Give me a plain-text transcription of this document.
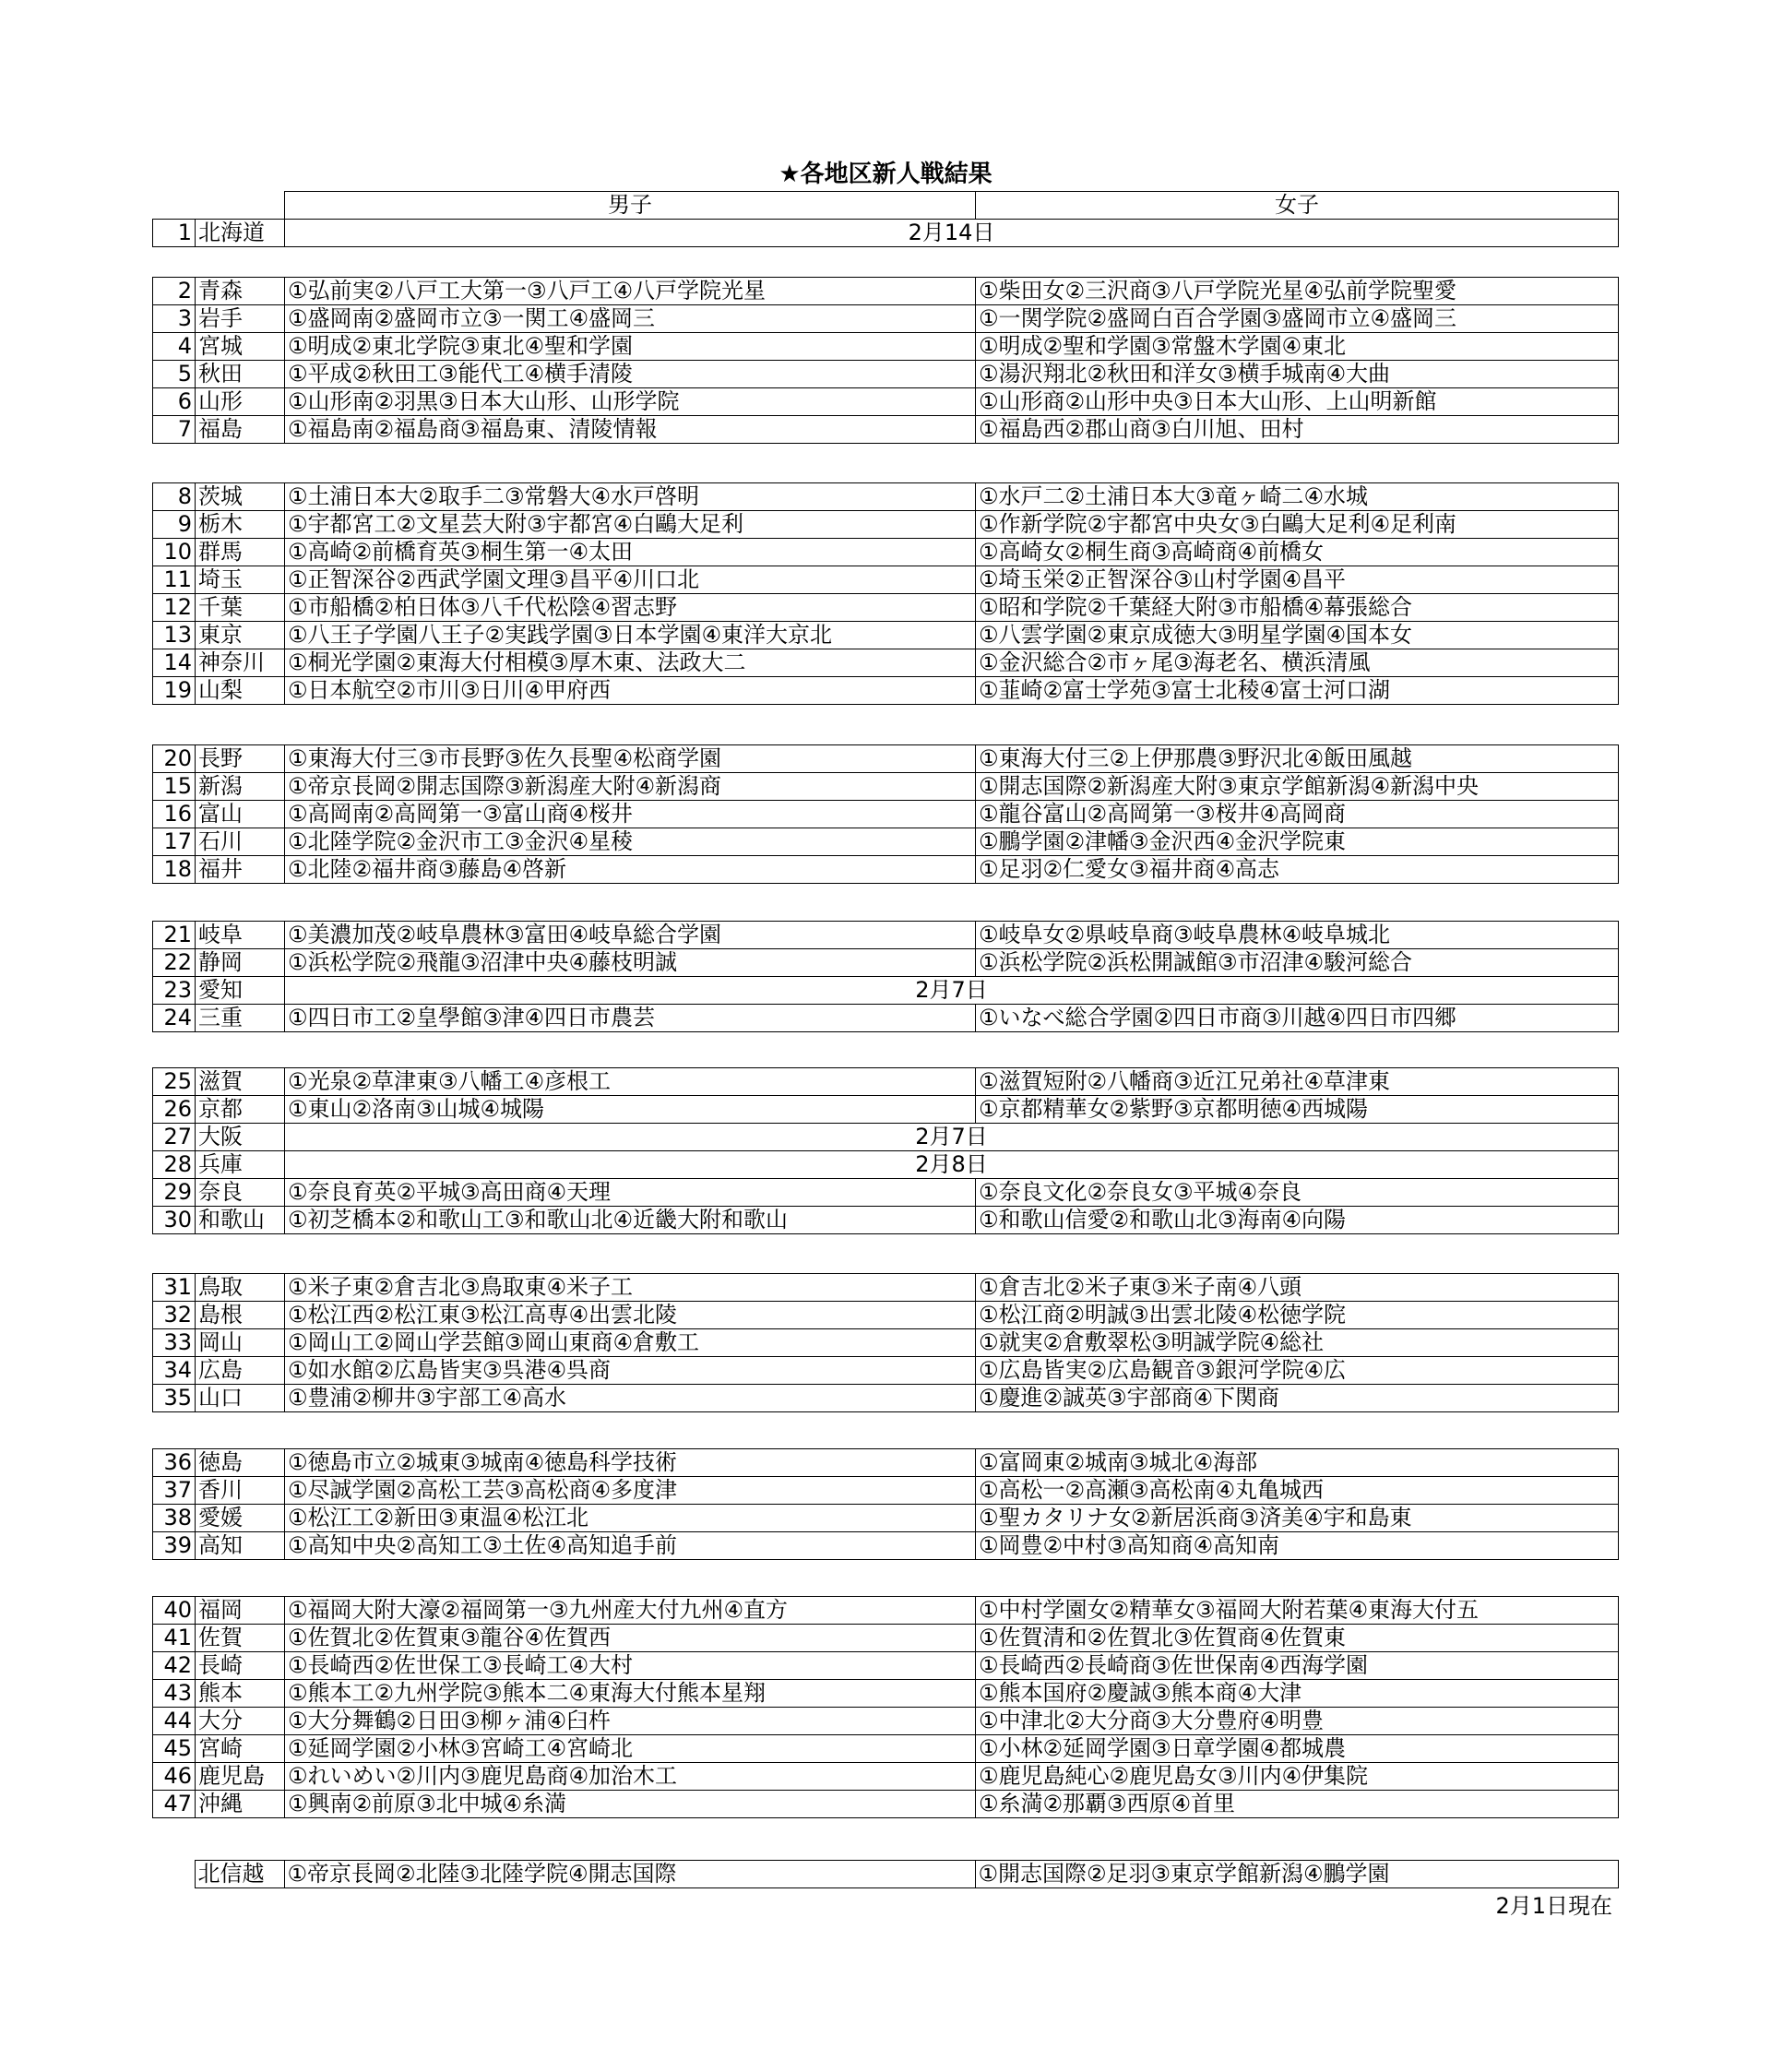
★各地区新人戦結果
		男子	女子
1	北海道	2月14日	
2	青森	①弘前実②八戸工大第一③八戸工④八戸学院光星	①柴田女②三沢商③八戸学院光星④弘前学院聖愛
3	岩手	①盛岡南②盛岡市立③一関工④盛岡三	①一関学院②盛岡白百合学園③盛岡市立④盛岡三
4	宮城	①明成②東北学院③東北④聖和学園	①明成②聖和学園③常盤木学園④東北
5	秋田	①平成②秋田工③能代工④横手清陵	①湯沢翔北②秋田和洋女③横手城南④大曲
6	山形	①山形南②羽黒③日本大山形、山形学院	①山形商②山形中央③日本大山形、上山明新館
7	福島	①福島南②福島商③福島東、清陵情報	①福島西②郡山商③白川旭、田村
8	茨城	①土浦日本大②取手二③常磐大④水戸啓明	①水戸二②土浦日本大③竜ヶ崎二④水城
9	栃木	①宇都宮工②文星芸大附③宇都宮④白鷗大足利	①作新学院②宇都宮中央女③白鷗大足利④足利南
10	群馬	①高崎②前橋育英③桐生第一④太田	①高崎女②桐生商③高崎商④前橋女
11	埼玉	①正智深谷②西武学園文理③昌平④川口北	①埼玉栄②正智深谷③山村学園④昌平
12	千葉	①市船橋②柏日体③八千代松陰④習志野	①昭和学院②千葉経大附③市船橋④幕張総合
13	東京	①八王子学園八王子②実践学園③日本学園④東洋大京北	①八雲学園②東京成徳大③明星学園④国本女
14	神奈川	①桐光学園②東海大付相模③厚木東、法政大二	①金沢総合②市ヶ尾③海老名、横浜清風
19	山梨	①日本航空②市川③日川④甲府西	①韮崎②富士学苑③富士北稜④富士河口湖
20	長野	①東海大付三③市長野③佐久長聖④松商学園	①東海大付三②上伊那農③野沢北④飯田風越
15	新潟	①帝京長岡②開志国際③新潟産大附④新潟商	①開志国際②新潟産大附③東京学館新潟④新潟中央
16	富山	①高岡南②高岡第一③富山商④桜井	①龍谷富山②高岡第一③桜井④高岡商
17	石川	①北陸学院②金沢市工③金沢④星稜	①鵬学園②津幡③金沢西④金沢学院東
18	福井	①北陸②福井商③藤島④啓新	①足羽②仁愛女③福井商④高志
21	岐阜	①美濃加茂②岐阜農林③富田④岐阜総合学園	①岐阜女②県岐阜商③岐阜農林④岐阜城北
22	静岡	①浜松学院②飛龍③沼津中央④藤枝明誠	①浜松学院②浜松開誠館③市沼津④駿河総合
23	愛知	2月7日	
24	三重	①四日市工②皇學館③津④四日市農芸	①いなべ総合学園②四日市商③川越④四日市四郷
25	滋賀	①光泉②草津東③八幡工④彦根工	①滋賀短附②八幡商③近江兄弟社④草津東
26	京都	①東山②洛南③山城④城陽	①京都精華女②紫野③京都明徳④西城陽
27	大阪	2月7日	
28	兵庫	2月8日	
29	奈良	①奈良育英②平城③高田商④天理	①奈良文化②奈良女③平城④奈良
30	和歌山	①初芝橋本②和歌山工③和歌山北④近畿大附和歌山	①和歌山信愛②和歌山北③海南④向陽
31	鳥取	①米子東②倉吉北③鳥取東④米子工	①倉吉北②米子東③米子南④八頭
32	島根	①松江西②松江東③松江高専④出雲北陵	①松江商②明誠③出雲北陵④松徳学院
33	岡山	①岡山工②岡山学芸館③岡山東商④倉敷工	①就実②倉敷翠松③明誠学院④総社
34	広島	①如水館②広島皆実③呉港④呉商	①広島皆実②広島観音③銀河学院④広
35	山口	①豊浦②柳井③宇部工④高水	①慶進②誠英③宇部商④下関商
36	徳島	①徳島市立②城東③城南④徳島科学技術	①富岡東②城南③城北④海部
37	香川	①尽誠学園②高松工芸③高松商④多度津	①高松一②高瀬③高松南④丸亀城西
38	愛媛	①松江工②新田③東温④松江北	①聖カタリナ女②新居浜商③済美④宇和島東
39	高知	①高知中央②高知工③土佐④高知追手前	①岡豊②中村③高知商④高知南
40	福岡	①福岡大附大濠②福岡第一③九州産大付九州④直方	①中村学園女②精華女③福岡大附若葉④東海大付五
41	佐賀	①佐賀北②佐賀東③龍谷④佐賀西	①佐賀清和②佐賀北③佐賀商④佐賀東
42	長崎	①長崎西②佐世保工③長崎工④大村	①長崎西②長崎商③佐世保南④西海学園
43	熊本	①熊本工②九州学院③熊本二④東海大付熊本星翔	①熊本国府②慶誠③熊本商④大津
44	大分	①大分舞鶴②日田③柳ヶ浦④臼杵	①中津北②大分商③大分豊府④明豊
45	宮崎	①延岡学園②小林③宮崎工④宮崎北	①小林②延岡学園③日章学園④都城農
46	鹿児島	①れいめい②川内③鹿児島商④加治木工	①鹿児島純心②鹿児島女③川内④伊集院
47	沖縄	①興南②前原③北中城④糸満	①糸満②那覇③西原④首里
	北信越	①帝京長岡②北陸③北陸学院④開志国際	①開志国際②足羽③東京学館新潟④鵬学園
2月1日現在
